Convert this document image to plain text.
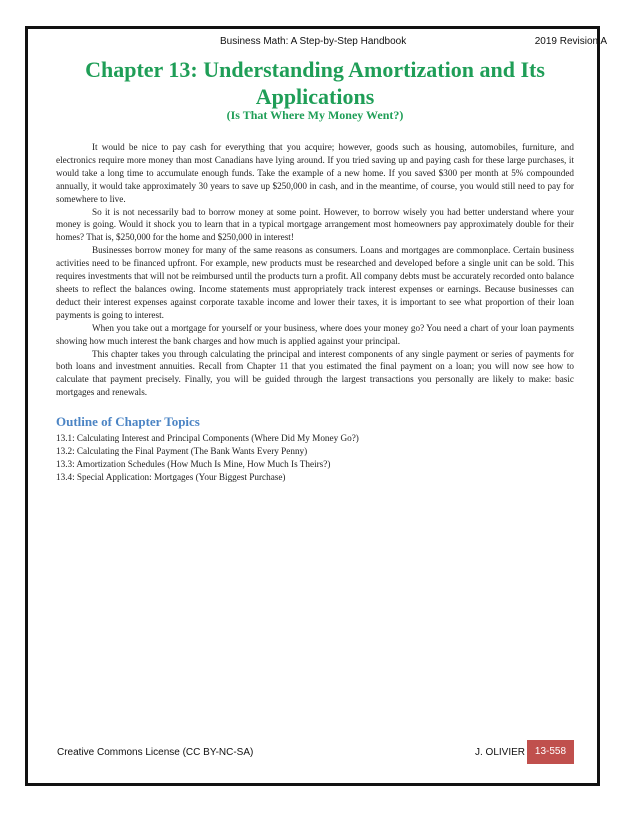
Business Math: A Step-by-Step Handbook	2019 Revision A
Chapter 13: Understanding Amortization and Its Applications
(Is That Where My Money Went?)

It would be nice to pay cash for everything that you acquire; however, goods such as housing, automobiles, furniture, and electronics require more money than most Canadians have lying around. If you tried saving up and paying cash for these large purchases, it would take a long time to accumulate enough funds. Take the example of a new home. If you saved $300 per month at 5% compounded annually, it would take approximately 30 years to save up $250,000 in cash, and in the meantime, of course, you would still need to pay for somewhere to live.

So it is not necessarily bad to borrow money at some point. However, to borrow wisely you had better understand where your money is going. Would it shock you to learn that in a typical mortgage arrangement most homeowners pay approximately double for their homes? That is, $250,000 for the home and $250,000 in interest!

Businesses borrow money for many of the same reasons as consumers. Loans and mortgages are commonplace. Certain business activities need to be financed upfront. For example, new products must be researched and developed before a single unit can be sold. This requires investments that will not be reimbursed until the products turn a profit. All company debts must be accurately recorded onto balance sheets to reflect the balances owing. Income statements must appropriately track interest expenses or earnings. Because businesses can deduct their interest expenses against corporate taxable income and lower their taxes, it is important to see what proportion of their loan payments is going to interest.

When you take out a mortgage for yourself or your business, where does your money go? You need a chart of your loan payments showing how much interest the bank charges and how much is applied against your principal.

This chapter takes you through calculating the principal and interest components of any single payment or series of payments for both loans and investment annuities. Recall from Chapter 11 that you estimated the final payment on a loan; you will now see how to calculate that payment precisely. Finally, you will be guided through the largest transactions you personally are likely to make: basic mortgages and renewals.

Outline of Chapter Topics
13.1: Calculating Interest and Principal Components (Where Did My Money Go?)
13.2: Calculating the Final Payment (The Bank Wants Every Penny)
13.3: Amortization Schedules (How Much Is Mine, How Much Is Theirs?)
13.4: Special Application: Mortgages (Your Biggest Purchase)
Creative Commons License (CC BY-NC-SA)	J. OLIVIER 13-558
